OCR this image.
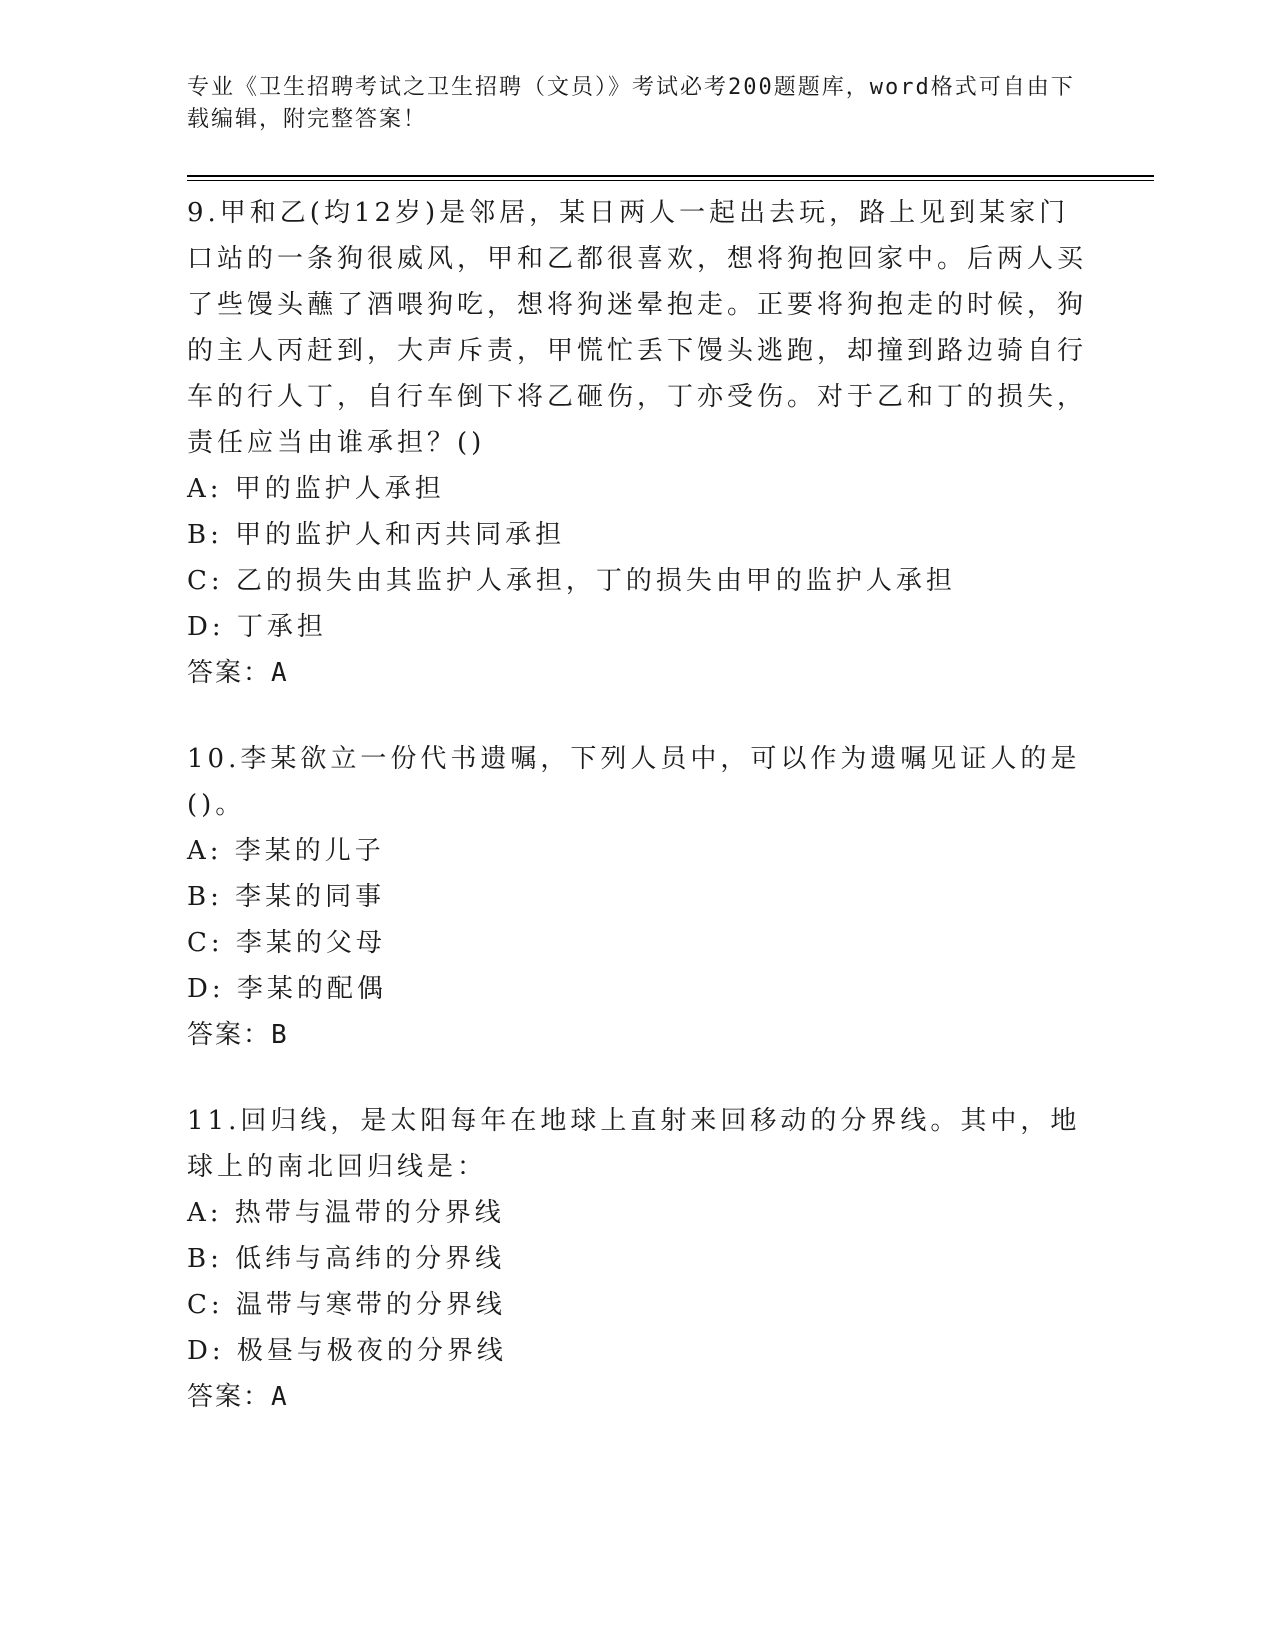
专业《卫生招聘考试之卫生招聘（文员）》考试必考200题题库，word格式可自由下载编辑，附完整答案！
9.甲和乙(均12岁)是邻居，某日两人一起出去玩，路上见到某家门口站的一条狗很威风，甲和乙都很喜欢，想将狗抱回家中。后两人买了些馒头蘸了酒喂狗吃，想将狗迷晕抱走。正要将狗抱走的时候，狗的主人丙赶到，大声斥责，甲慌忙丢下馒头逃跑，却撞到路边骑自行车的行人丁，自行车倒下将乙砸伤，丁亦受伤。对于乙和丁的损失，责任应当由谁承担？()
A: 甲的监护人承担
B: 甲的监护人和丙共同承担
C: 乙的损失由其监护人承担，丁的损失由甲的监护人承担
D: 丁承担
答案：A
10.李某欲立一份代书遗嘱，下列人员中，可以作为遗嘱见证人的是()。
A: 李某的儿子
B: 李某的同事
C: 李某的父母
D: 李某的配偶
答案：B
11.回归线，是太阳每年在地球上直射来回移动的分界线。其中，地球上的南北回归线是：
A: 热带与温带的分界线
B: 低纬与高纬的分界线
C: 温带与寒带的分界线
D: 极昼与极夜的分界线
答案：A
